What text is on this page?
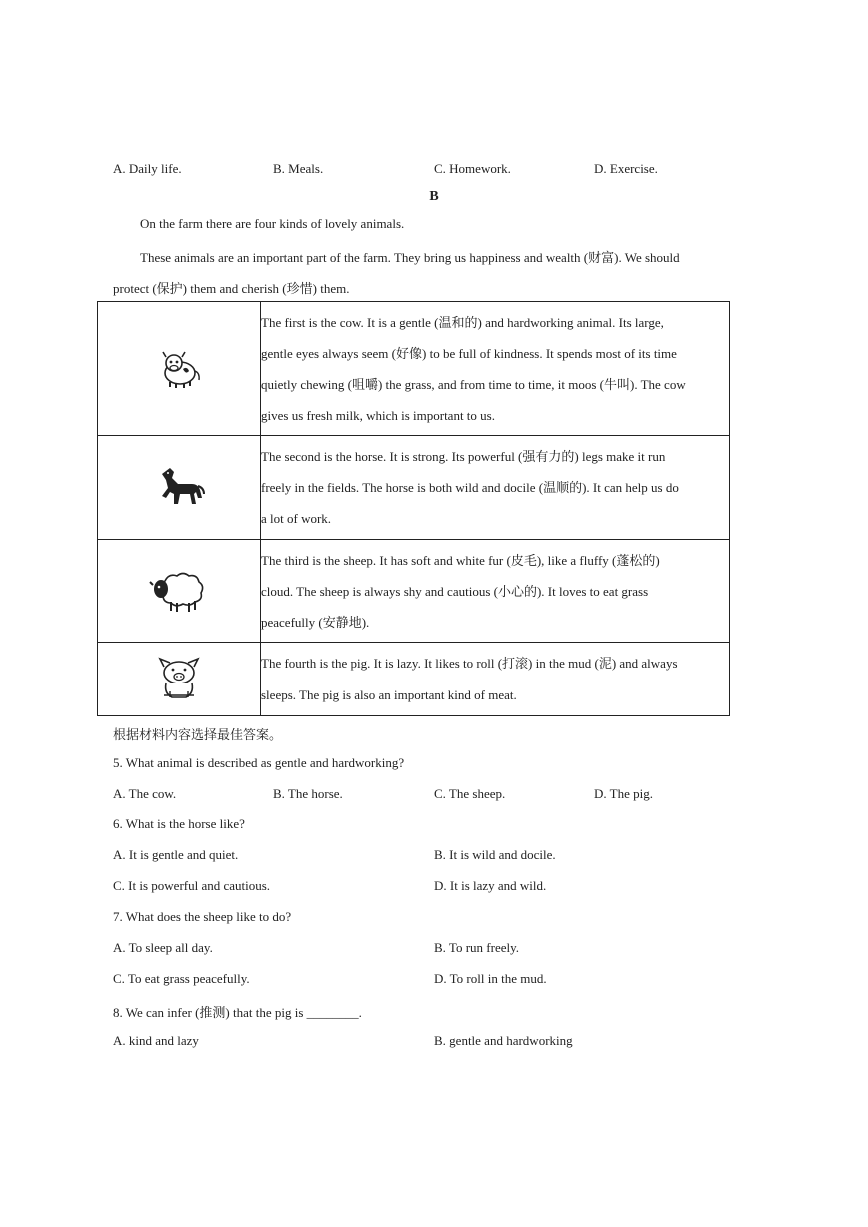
A. Daily life.	B. Meals.	C. Homework.	D. Exercise.
B
On the farm there are four kinds of lovely animals.
These animals are an important part of the farm. They bring us happiness and wealth (财富). We should
protect (保护) them and cherish (珍惜) them.

The first is the cow. It is a gentle (温和的) and hardworking animal. Its large,
gentle eyes always seem (好像) to be full of kindness. It spends most of its time
quietly chewing (咀嚼) the grass, and from time to time, it moos (牛叫). The cow
gives us fresh milk, which is important to us.

The second is the horse. It is strong. Its powerful (强有力的) legs make it run
freely in the fields. The horse is both wild and docile (温顺的). It can help us do
a lot of work.

The third is the sheep. It has soft and white fur (皮毛), like a fluffy (蓬松的)
cloud. The sheep is always shy and cautious (小心的). It loves to eat grass
peacefully (安静地).

The fourth is the pig. It is lazy. It likes to roll (打滚) in the mud (泥) and always
sleeps. The pig is also an important kind of meat.
根据材料内容选择最佳答案。
5. What animal is described as gentle and hardworking?
A. The cow.	B. The horse.	C. The sheep.	D. The pig.
6. What is the horse like?
A. It is gentle and quiet.	B. It is wild and docile.
C. It is powerful and cautious.	D. It is lazy and wild.
7. What does the sheep like to do?
A. To sleep all day.	B. To run freely.
C. To eat grass peacefully.	D. To roll in the mud.
8. We can infer (推测) that the pig is ________.
A. kind and lazy	B. gentle and hardworking
